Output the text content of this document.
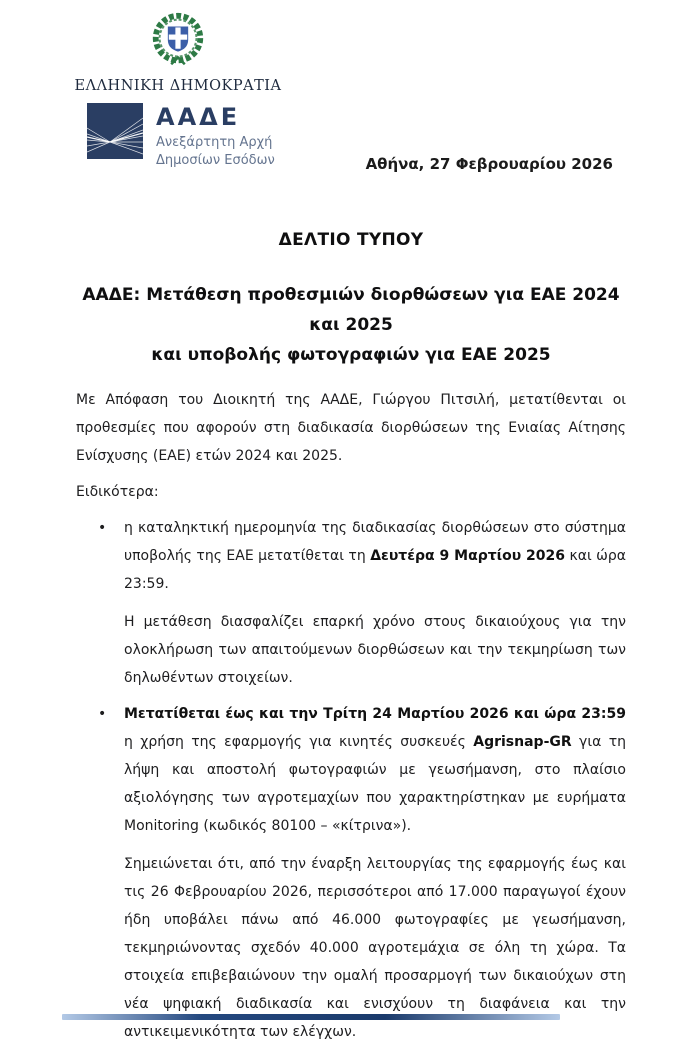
ΕΛΛΗΝΙΚΗ ΔΗΜΟΚΡΑΤΙΑ
ΑΑΔΕ
Ανεξάρτητη Αρχή
Δημοσίων Εσόδων	Αθήνα, 27 Φεβρουαρίου 2026
ΔΕΛΤΙΟ ΤΥΠΟΥ
ΑΑΔΕ: Μετάθεση προθεσμιών διορθώσεων για ΕΑΕ 2024 και 2025
και υποβολής φωτογραφιών για ΕΑΕ 2025

Με Απόφαση του Διοικητή της ΑΑΔΕ, Γιώργου Πιτσιλή, μετατίθενται οι προθεσμίες που αφορούν στη διαδικασία διορθώσεων της Ενιαίας Αίτησης Ενίσχυσης (ΕΑΕ) ετών 2024 και 2025.

Ειδικότερα:

• η καταληκτική ημερομηνία της διαδικασίας διορθώσεων στο σύστημα υποβολής της ΕΑΕ μετατίθεται τη Δευτέρα 9 Μαρτίου 2026 και ώρα 23:59.

Η μετάθεση διασφαλίζει επαρκή χρόνο στους δικαιούχους για την ολοκλήρωση των απαιτούμενων διορθώσεων και την τεκμηρίωση των δηλωθέντων στοιχείων.

• Μετατίθεται έως και την Τρίτη 24 Μαρτίου 2026 και ώρα 23:59 η χρήση της εφαρμογής για κινητές συσκευές Agrisnap-GR για τη λήψη και αποστολή φωτογραφιών με γεωσήμανση, στο πλαίσιο αξιολόγησης των αγροτεμαχίων που χαρακτηρίστηκαν με ευρήματα Monitoring (κωδικός 80100 – «κίτρινα»).

Σημειώνεται ότι, από την έναρξη λειτουργίας της εφαρμογής έως και τις 26 Φεβρουαρίου 2026, περισσότεροι από 17.000 παραγωγοί έχουν ήδη υποβάλει πάνω από 46.000 φωτογραφίες με γεωσήμανση, τεκμηριώνοντας σχεδόν 40.000 αγροτεμάχια σε όλη τη χώρα. Τα στοιχεία επιβεβαιώνουν την ομαλή προσαρμογή των δικαιούχων στη νέα ψηφιακή διαδικασία και ενισχύουν τη διαφάνεια και την αντικειμενικότητα των ελέγχων.
